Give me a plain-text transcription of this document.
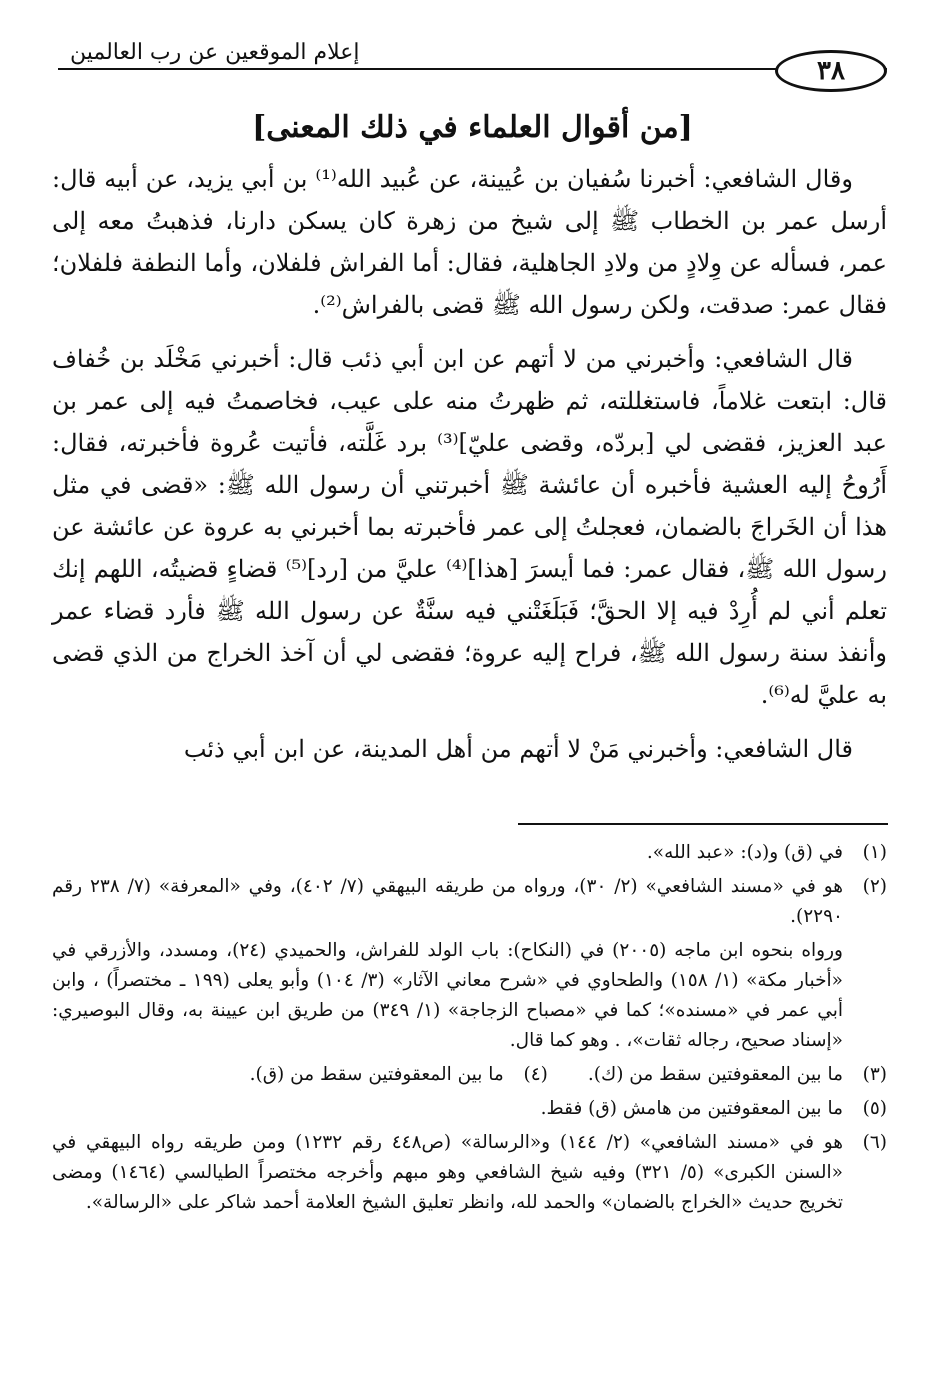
إعلام الموقعين عن رب العالمين
٣٨
[من أقوال العلماء في ذلك المعنى]

وقال الشافعي: أخبرنا سُفيان بن عُيينة، عن عُبيد الله⁽¹⁾ بن أبي يزيد، عن أبيه قال: أرسل عمر بن الخطاب ﷺ إلى شيخ من زهرة كان يسكن دارنا، فذهبتُ معه إلى عمر، فسأله عن وِلادٍ من ولادِ الجاهلية، فقال: أما الفراش فلفلان، وأما النطفة فلفلان؛ فقال عمر: صدقت، ولكن رسول الله ﷺ قضى بالفراش⁽²⁾.

قال الشافعي: وأخبرني من لا أتهم عن ابن أبي ذئب قال: أخبرني مَخْلَد بن خُفاف قال: ابتعت غلاماً، فاستغللته، ثم ظهرتُ منه على عيب، فخاصمتُ فيه إلى عمر بن عبد العزيز، فقضى لي [بردّه، وقضى عليّ]⁽³⁾ برد غَلَّته، فأتيت عُروة فأخبرته، فقال: أَرُوحُ إليه العشية فأخبره أن عائشة ﷺ أخبرتني أن رسول الله ﷺ: «قضى في مثل هذا أن الخَراجَ بالضمان، فعجلتُ إلى عمر فأخبرته بما أخبرني به عروة عن عائشة عن رسول الله ﷺ، فقال عمر: فما أيسرَ [هذا]⁽⁴⁾ عليَّ من [رد]⁽⁵⁾ قضاءٍ قضيتُه، اللهم إنك تعلم أني لم أُرِدْ فيه إلا الحقَّ؛ فَبَلَغَتْني فيه سنَّةٌ عن رسول الله ﷺ فأرد قضاء عمر وأنفذ سنة رسول الله ﷺ، فراح إليه عروة؛ فقضى لي أن آخذ الخراج من الذي قضى به عليَّ له⁽⁶⁾.

قال الشافعي: وأخبرني مَنْ لا أتهم من أهل المدينة، عن ابن أبي ذئب

(١)
في (ق) و(د): «عبد الله».
(٢)
هو في «مسند الشافعي» (٢/ ٣٠)، ورواه من طريقه البيهقي (٧/ ٤٠٢)، وفي «المعرفة» (٧/ ٢٣٨ رقم ٢٢٩٠).
ورواه بنحوه ابن ماجه (٢٠٠٥) في (النكاح): باب الولد للفراش، والحميدي (٢٤)، ومسدد، والأزرقي في «أخبار مكة» (١/ ١٥٨) والطحاوي في «شرح معاني الآثار» (٣/ ١٠٤) وأبو يعلى (١٩٩ ـ مختصراً) ، وابن أبي عمر في «مسنده»؛ كما في «مصباح الزجاجة» (١/ ٣٤٩) من طريق ابن عيينة به، وقال البوصيري: «إسناد صحيح، رجاله ثقات»، . وهو كما قال.
(٣)
ما بين المعقوفتين سقط من (ك).
(٤)
ما بين المعقوفتين سقط من (ق).
(٥)
ما بين المعقوفتين من هامش (ق) فقط.
(٦)
هو في «مسند الشافعي» (٢/ ١٤٤) و«الرسالة» (ص٤٤٨ رقم ١٢٣٢) ومن طريقه رواه البيهقي في «السنن الكبرى» (٥/ ٣٢١) وفيه شيخ الشافعي وهو مبهم وأخرجه مختصراً الطيالسي (١٤٦٤) ومضى تخريج حديث «الخراج بالضمان» والحمد لله، وانظر تعليق الشيخ العلامة أحمد شاكر على «الرسالة».
